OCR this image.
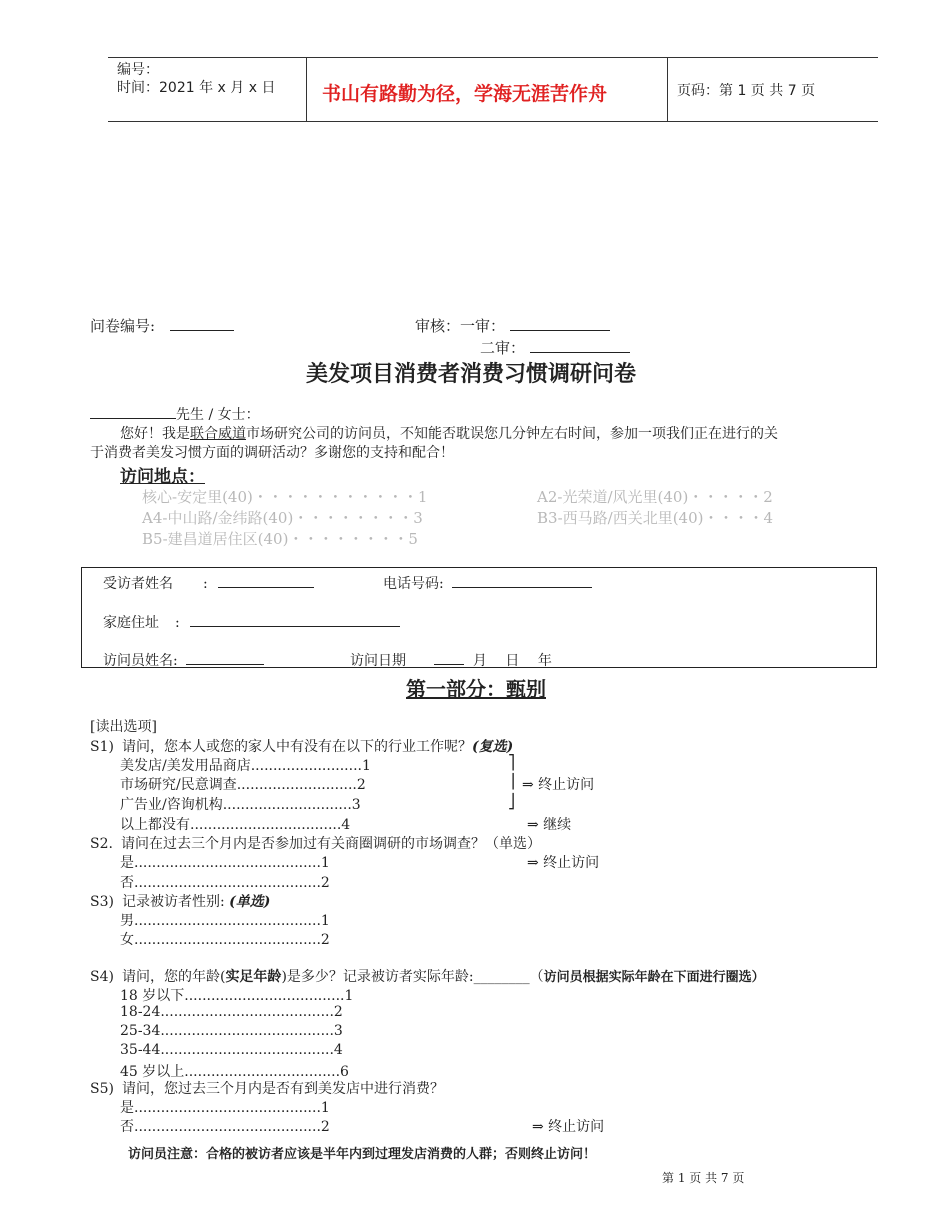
编号：
时间：2021 年 x 月 x 日 书山有路勤为径，学海无涯苦作舟	页码：第 1 页 共 7 页
问卷编号:	审核：一审：
二审：
美发项目消费者消费习惯调研问卷
先生 / 女士：
您好！我是联合威道市场研究公司的访问员，不知能否耽误您几分钟左右时间，参加一项我们正在进行的关
于消费者美发习惯方面的调研活动？多谢您的支持和配合！
访问地点：
核心-安定里(40)・・・・・・・・・・・1	A2-光荣道/风光里(40)・・・・・2
A4-中山路/金纬路(40)・・・・・・・・3	B3-西马路/西关北里(40)・・・・4
B5-建昌道居住区(40)・・・・・・・・5
受访者姓名 :	电话号码:
家庭住址 :
访问员姓名:	访问日期	月 日 年
第一部分：甄别
[读出选项]
S1) 请问，您本人或您的家人中有没有在以下的行业工作呢？(复选)
美发店/美发用品商店.........................1
市场研究/民意调查...........................2
广告业/咨询机构.............................3
以上都没有..................................4
⎤
⎥
⎦
⇒ 终止访问
⇒ 继续
S2. 请问在过去三个月内是否参加过有关商圈调研的市场调查？（单选）
是..........................................1
否..........................................2
⇒ 终止访问
S3) 记录被访者性别: (单选)
男..........................................1
女..........................................2
S4) 请问，您的年龄(实足年龄)是多少？记录被访者实际年龄:________（访问员根据实际年龄在下面进行圈选）
18 岁以下....................................1
18-24.......................................2
25-34.......................................3
35-44.......................................4
45 岁以上...................................6
S5) 请问，您过去三个月内是否有到美发店中进行消费？
是..........................................1
否..........................................2	⇒ 终止访问
访问员注意：合格的被访者应该是半年内到过理发店消费的人群；否则终止访问！
第 1 页 共 7 页
